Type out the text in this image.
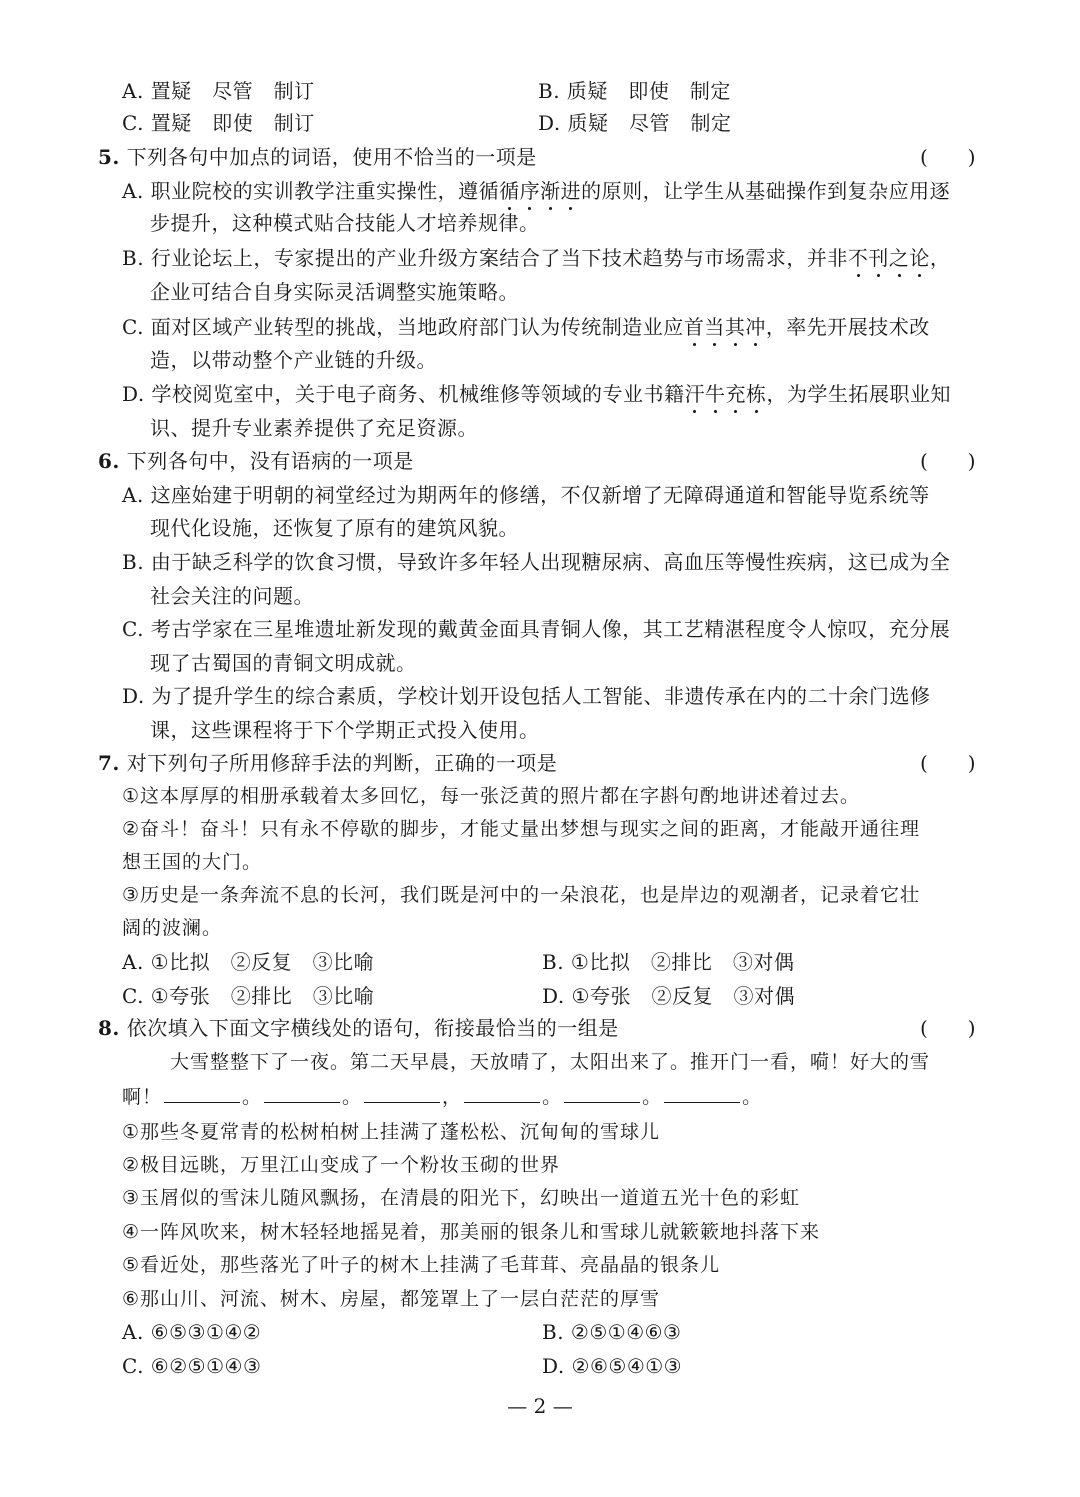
A. 置疑　尽管　制订	B. 质疑　即使　制定
C. 置疑　即使　制订	D. 质疑　尽管　制定
5. 下列各句中加点的词语，使用不恰当的一项是	(　　)
A. 职业院校的实训教学注重实操性，遵循循序渐进的原则，让学生从基础操作到复杂应用逐
步提升，这种模式贴合技能人才培养规律。
B. 行业论坛上，专家提出的产业升级方案结合了当下技术趋势与市场需求，并非不刊之论，
企业可结合自身实际灵活调整实施策略。
C. 面对区域产业转型的挑战，当地政府部门认为传统制造业应首当其冲，率先开展技术改
造，以带动整个产业链的升级。
D. 学校阅览室中，关于电子商务、机械维修等领域的专业书籍汗牛充栋，为学生拓展职业知
识、提升专业素养提供了充足资源。
6. 下列各句中，没有语病的一项是	(　　)
A. 这座始建于明朝的祠堂经过为期两年的修缮，不仅新增了无障碍通道和智能导览系统等
现代化设施，还恢复了原有的建筑风貌。
B. 由于缺乏科学的饮食习惯，导致许多年轻人出现糖尿病、高血压等慢性疾病，这已成为全
社会关注的问题。
C. 考古学家在三星堆遗址新发现的戴黄金面具青铜人像，其工艺精湛程度令人惊叹，充分展
现了古蜀国的青铜文明成就。
D. 为了提升学生的综合素质，学校计划开设包括人工智能、非遗传承在内的二十余门选修
课，这些课程将于下个学期正式投入使用。
7. 对下列句子所用修辞手法的判断，正确的一项是	(　　)
①这本厚厚的相册承载着太多回忆，每一张泛黄的照片都在字斟句酌地讲述着过去。
②奋斗！奋斗！只有永不停歇的脚步，才能丈量出梦想与现实之间的距离，才能敲开通往理
想王国的大门。
③历史是一条奔流不息的长河，我们既是河中的一朵浪花，也是岸边的观潮者，记录着它壮
阔的波澜。
A. ①比拟　②反复　③比喻	B. ①比拟　②排比　③对偶
C. ①夸张　②排比　③比喻	D. ①夸张　②反复　③对偶
8. 依次填入下面文字横线处的语句，衔接最恰当的一组是	(　　)
大雪整整下了一夜。第二天早晨，天放晴了，太阳出来了。推开门一看，嗬！好大的雪
啊！	。	。	，	。	。	。
①那些冬夏常青的松树柏树上挂满了蓬松松、沉甸甸的雪球儿
②极目远眺，万里江山变成了一个粉妆玉砌的世界
③玉屑似的雪沫儿随风飘扬，在清晨的阳光下，幻映出一道道五光十色的彩虹
④一阵风吹来，树木轻轻地摇晃着，那美丽的银条儿和雪球儿就簌簌地抖落下来
⑤看近处，那些落光了叶子的树木上挂满了毛茸茸、亮晶晶的银条儿
⑥那山川、河流、树木、房屋，都笼罩上了一层白茫茫的厚雪
A. ⑥⑤③①④②	B. ②⑤①④⑥③
C. ⑥②⑤①④③	D. ②⑥⑤④①③
— 2 —
